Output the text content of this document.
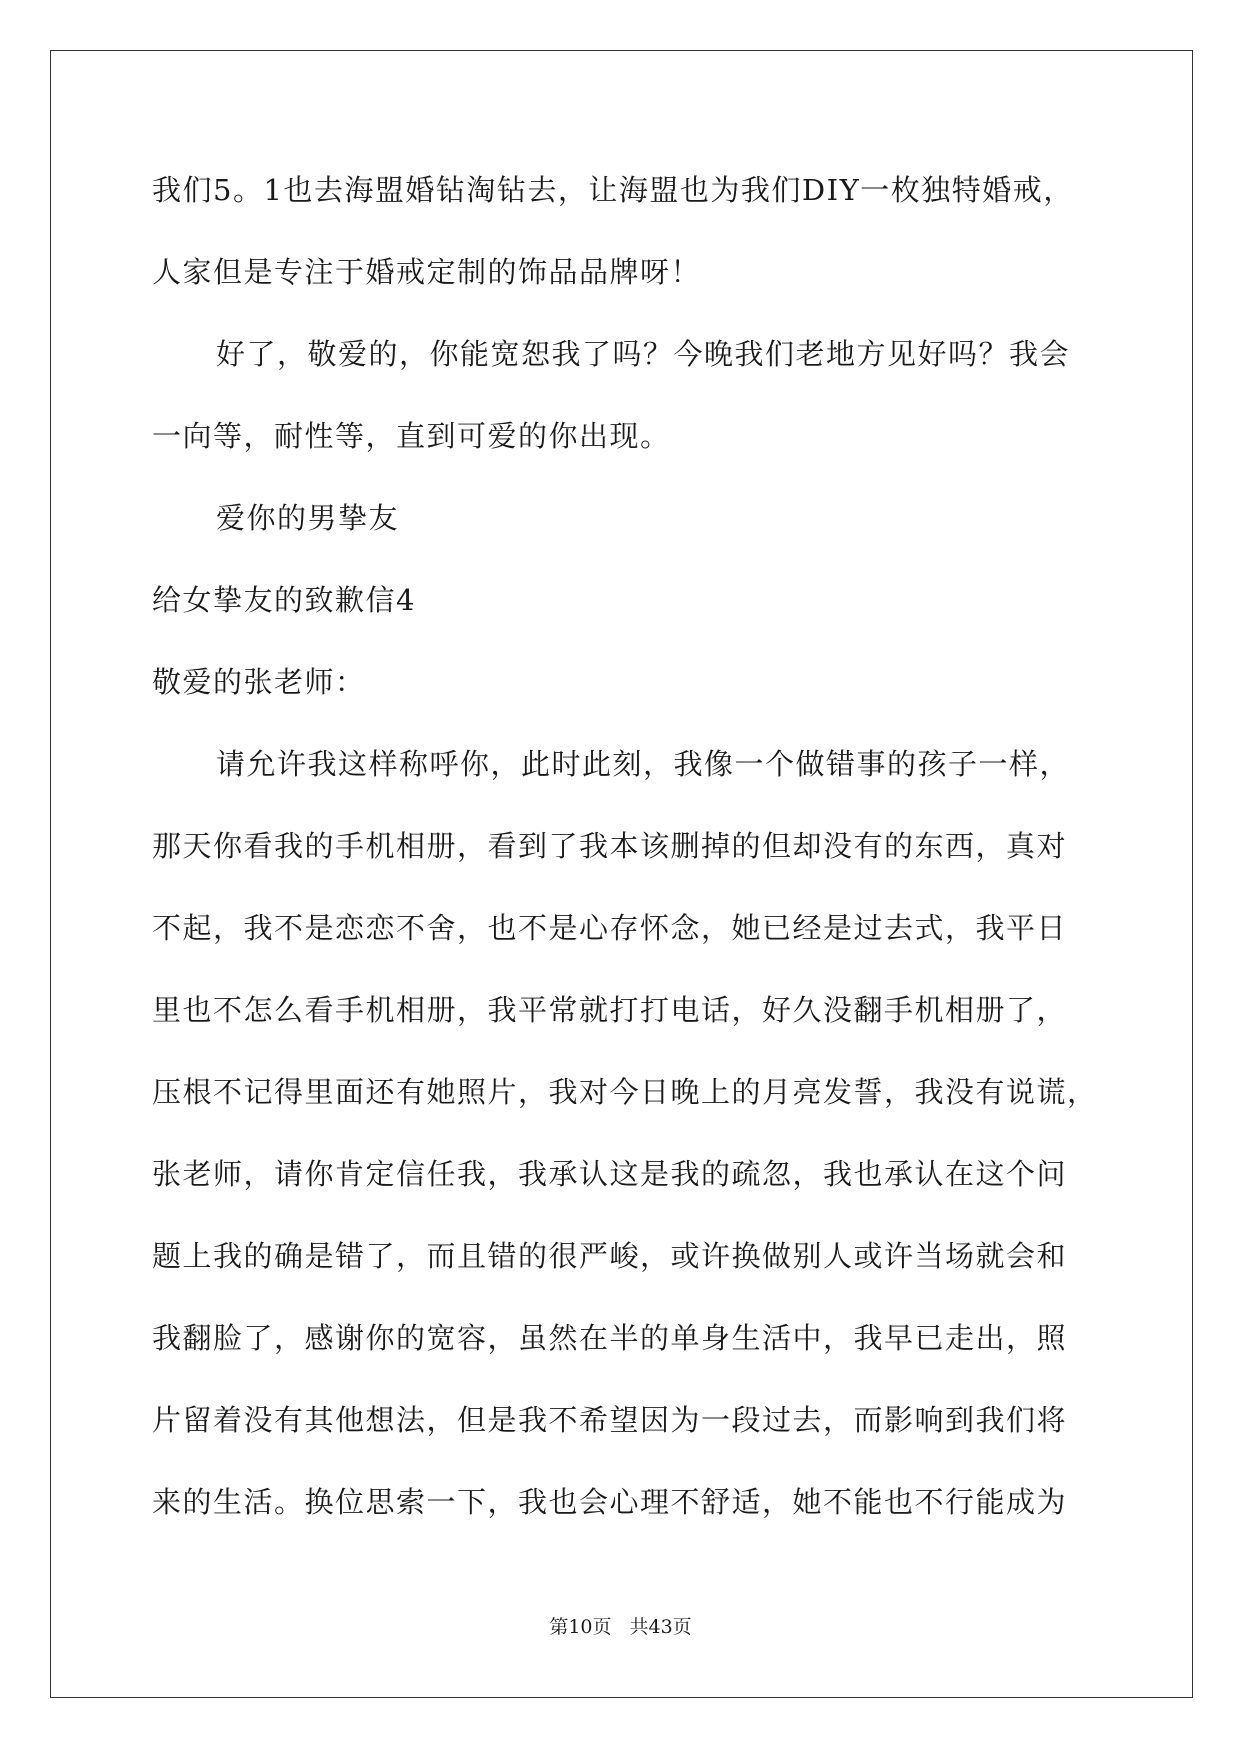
我们5。1也去海盟婚钻淘钻去，让海盟也为我们DIY一枚独特婚戒，
人家但是专注于婚戒定制的饰品品牌呀！
好了，敬爱的，你能宽恕我了吗？今晚我们老地方见好吗？我会
一向等，耐性等，直到可爱的你出现。
爱你的男挚友
给女挚友的致歉信4
敬爱的张老师：
请允许我这样称呼你，此时此刻，我像一个做错事的孩子一样，
那天你看我的手机相册，看到了我本该删掉的但却没有的东西，真对
不起，我不是恋恋不舍，也不是心存怀念，她已经是过去式，我平日
里也不怎么看手机相册，我平常就打打电话，好久没翻手机相册了，
压根不记得里面还有她照片，我对今日晚上的月亮发誓，我没有说谎，
张老师，请你肯定信任我，我承认这是我的疏忽，我也承认在这个问
题上我的确是错了，而且错的很严峻，或许换做别人或许当场就会和
我翻脸了，感谢你的宽容，虽然在半的单身生活中，我早已走出，照
片留着没有其他想法，但是我不希望因为一段过去，而影响到我们将
来的生活。换位思索一下，我也会心理不舒适，她不能也不行能成为
第10页 共43页
